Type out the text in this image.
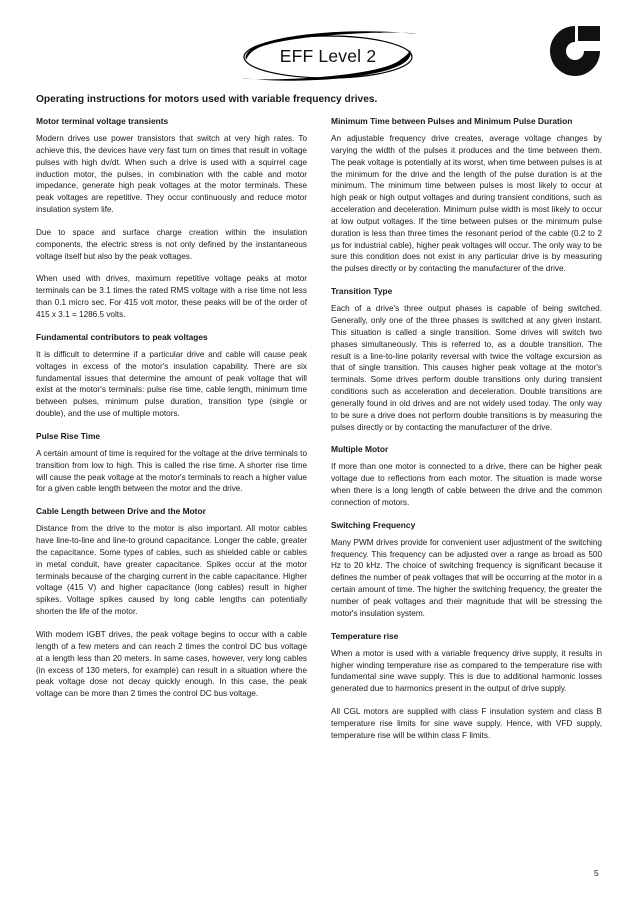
EFF Level 2
Operating instructions for motors used with variable frequency drives.
Motor terminal voltage transients

Modern drives use power transistors that switch at very high rates. To achieve this, the devices have very fast turn on times that result in voltage pulses with high dv/dt. When such a drive is used with a squirrel cage induction motor, the pulses, in combination with the cable and motor impedance, generate high peak voltages at the motor terminals. These peak voltages are repetitive. They occur continuously and reduce motor insulation system life.

Due to space and surface charge creation within the insulation components, the electric stress is not only defined by the instantaneous voltage itself but also by the peak voltages.

When used with drives, maximum repetitive voltage peaks at motor terminals can be 3.1 times the rated RMS voltage with a rise time not less than 0.1 micro sec. For 415 volt motor, these peaks will be of the order of 415 x 3.1 = 1286.5 volts.

Fundamental contributors to peak voltages

It is difficult to determine if a particular drive and cable will cause peak voltages in excess of the motor's insulation capability. There are six fundamental issues that determine the amount of peak voltage that will exist at the motor's terminals: pulse rise time, cable length, minimum time between pulses, minimum pulse duration, transition type (single or double), and the use of multiple motors.

Pulse Rise Time

A certain amount of time is required for the voltage at the drive terminals to transition from low to high. This is called the rise time. A shorter rise time will cause the peak voltage at the motor's terminals to reach a higher value for a given cable length between the motor and the drive.

Cable Length between Drive and the Motor

Distance from the drive to the motor is also important. All motor cables have line-to-line and line-to ground capacitance. Longer the cable, greater the capacitance. Some types of cables, such as shielded cable or cables in metal conduit, have greater capacitance. Spikes occur at the motor terminals because of the charging current in the cable capacitance. Higher voltage (415 V) and higher capacitance (long cables) result in higher spikes. Voltage spikes caused by long cable lengths can potentially shorten the life of the motor.

With modern IGBT drives, the peak voltage begins to occur with a cable length of a few meters and can reach 2 times the control DC bus voltage at a length less than 20 meters. In same cases, however, very long cables (in excess of 130 meters, for example) can result in a situation where the peak voltage dose not decay quickly enough. In this case, the peak voltage can be more than 2 times the control DC bus voltage.

Minimum Time between Pulses and Minimum Pulse Duration

An adjustable frequency drive creates, average voltage changes by varying the width of the pulses it produces and the time between them. The peak voltage is potentially at its worst, when time between pulses is at the minimum for the drive and the length of the pulse duration is at the minimum. The minimum time between pulses is most likely to occur at high peak or high output voltages and during transient conditions, such as acceleration and deceleration. Minimum pulse width is most likely to occur at low output voltages. If the time between pulses or the minimum pulse duration is less than three times the resonant period of the cable (0.2 to 2 µs for industrial cable), higher peak voltages will occur. The only way to be sure this condition does not exist in any particular drive is by measuring the pulses directly or by contacting the manufacturer of the drive.

Transition Type

Each of a drive's three output phases is capable of being switched. Generally, only one of the three phases is switched at any given instant. This situation is called a single transition. Some drives will switch two phases simultaneously. This is referred to, as a double transition. The result is a line-to-line polarity reversal with twice the voltage excursion as that of single transition. This causes higher peak voltage at the motor's terminals. Some drives perform double transitions only during transient conditions such as acceleration and deceleration. Double transitions are generally found in old drives and are not widely used today. The only way to be sure a drive does not perform double transitions is by measuring the pulses directly or by contacting the manufacturer of the drive.

Multiple Motor

If more than one motor is connected to a drive, there can be higher peak voltage due to reflections from each motor. The situation is made worse when there is a long length of cable between the drive and the common connection of motors.

Switching Frequency

Many PWM drives provide for convenient user adjustment of the switching frequency. This frequency can be adjusted over a range as broad as 500 Hz to 20 kHz. The choice of switching frequency is significant because it defines the number of peak voltages that will be occurring at the motor in a certain amount of time. The higher the switching frequency, the greater the number of peak voltages and their magnitude that will be stressing the motor's insulation system.

Temperature rise

When a motor is used with a variable frequency drive supply, it results in higher winding temperature rise as compared to the temperature rise with fundamental sine wave supply. This is due to additional harmonic losses generated due to harmonics present in the output of drive supply.

All CGL motors are supplied with class F insulation system and class B temperature rise limits for sine wave supply. Hence, with VFD supply, temperature rise will be within class F limits.

5
